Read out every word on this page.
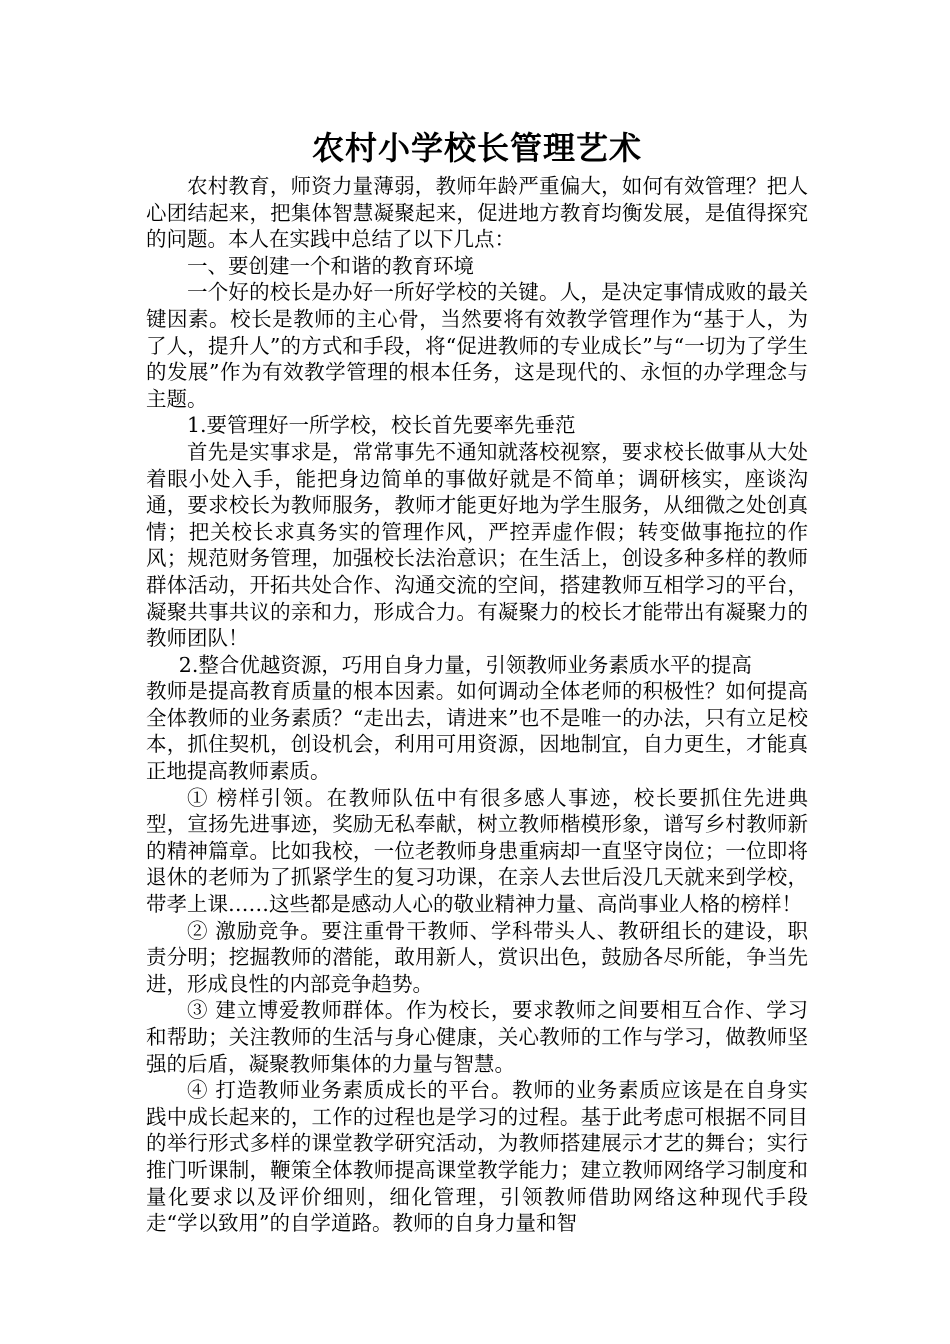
农村小学校长管理艺术

农村教育，师资力量薄弱，教师年龄严重偏大，如何有效管理？把人心团结起来，把集体智慧凝聚起来，促进地方教育均衡发展，是值得探究的问题。本人在实践中总结了以下几点：

一、要创建一个和谐的教育环境

一个好的校长是办好一所好学校的关键。人，是决定事情成败的最关键因素。校长是教师的主心骨，当然要将有效教学管理作为“基于人，为了人，提升人”的方式和手段，将“促进教师的专业成长”与“一切为了学生的发展”作为有效教学管理的根本任务，这是现代的、永恒的办学理念与主题。

1.要管理好一所学校，校长首先要率先垂范

首先是实事求是，常常事先不通知就落校视察，要求校长做事从大处着眼小处入手，能把身边简单的事做好就是不简单；调研核实，座谈沟通，要求校长为教师服务，教师才能更好地为学生服务，从细微之处创真情；把关校长求真务实的管理作风，严控弄虚作假；转变做事拖拉的作风；规范财务管理，加强校长法治意识；在生活上，创设多种多样的教师群体活动，开拓共处合作、沟通交流的空间，搭建教师互相学习的平台，凝聚共事共议的亲和力，形成合力。有凝聚力的校长才能带出有凝聚力的教师团队！

2.整合优越资源，巧用自身力量，引领教师业务素质水平的提高

教师是提高教育质量的根本因素。如何调动全体老师的积极性？如何提高全体教师的业务素质？“走出去，请进来”也不是唯一的办法，只有立足校本，抓住契机，创设机会，利用可用资源，因地制宜，自力更生，才能真正地提高教师素质。

① 榜样引领。在教师队伍中有很多感人事迹，校长要抓住先进典型，宣扬先进事迹，奖励无私奉献，树立教师楷模形象，谱写乡村教师新的精神篇章。比如我校，一位老教师身患重病却一直坚守岗位；一位即将退休的老师为了抓紧学生的复习功课，在亲人去世后没几天就来到学校，带孝上课……这些都是感动人心的敬业精神力量、高尚事业人格的榜样！

② 激励竞争。要注重骨干教师、学科带头人、教研组长的建设，职责分明；挖掘教师的潜能，敢用新人，赏识出色，鼓励各尽所能，争当先进，形成良性的内部竞争趋势。

③ 建立博爱教师群体。作为校长，要求教师之间要相互合作、学习和帮助；关注教师的生活与身心健康，关心教师的工作与学习，做教师坚强的后盾，凝聚教师集体的力量与智慧。

④ 打造教师业务素质成长的平台。教师的业务素质应该是在自身实践中成长起来的，工作的过程也是学习的过程。基于此考虑可根据不同目的举行形式多样的课堂教学研究活动，为教师搭建展示才艺的舞台；实行推门听课制，鞭策全体教师提高课堂教学能力；建立教师网络学习制度和量化要求以及评价细则，细化管理，引领教师借助网络这种现代手段走“学以致用”的自学道路。教师的自身力量和智
